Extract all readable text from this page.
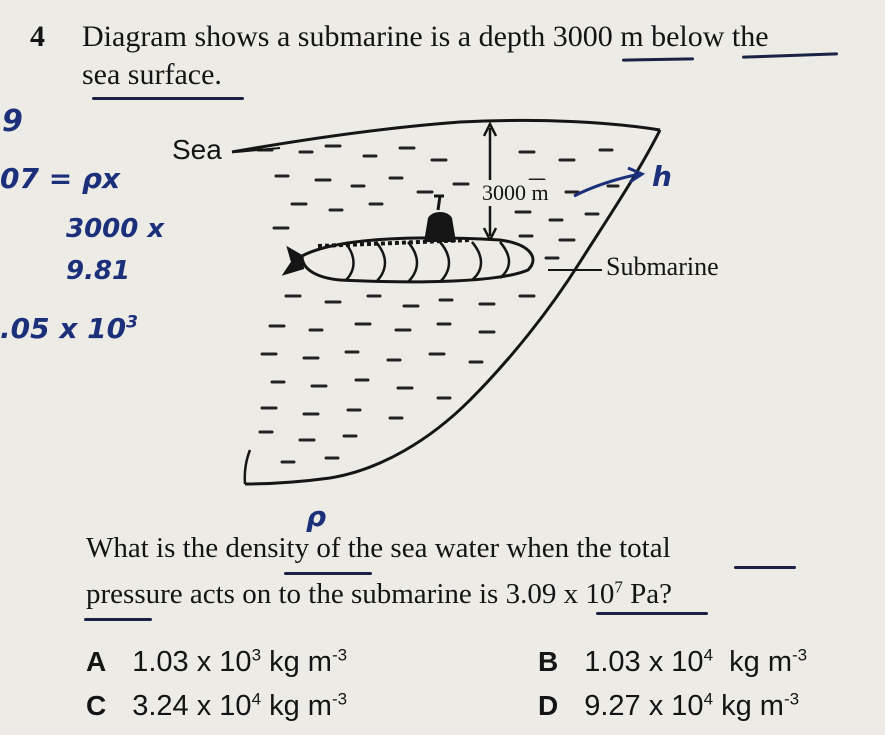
4 Diagram shows a submarine is a depth 3000 m below the
sea surface.
9
07 = ρx
3000 x
9.81
.05 x $10^3$
Sea
3000 m
Submarine
h
ρ
What is the density of the sea water when the total
pressure acts on to the submarine is 3.09 x $10^7$ Pa?
A 1.03 x $10^3$ kg $m^{-3}$	B 1.03 x $10^4$ kg $m^{-3}$
C 3.24 x $10^4$ kg $m^{-3}$	D 9.27 x $10^4$ kg $m^{-3}$
